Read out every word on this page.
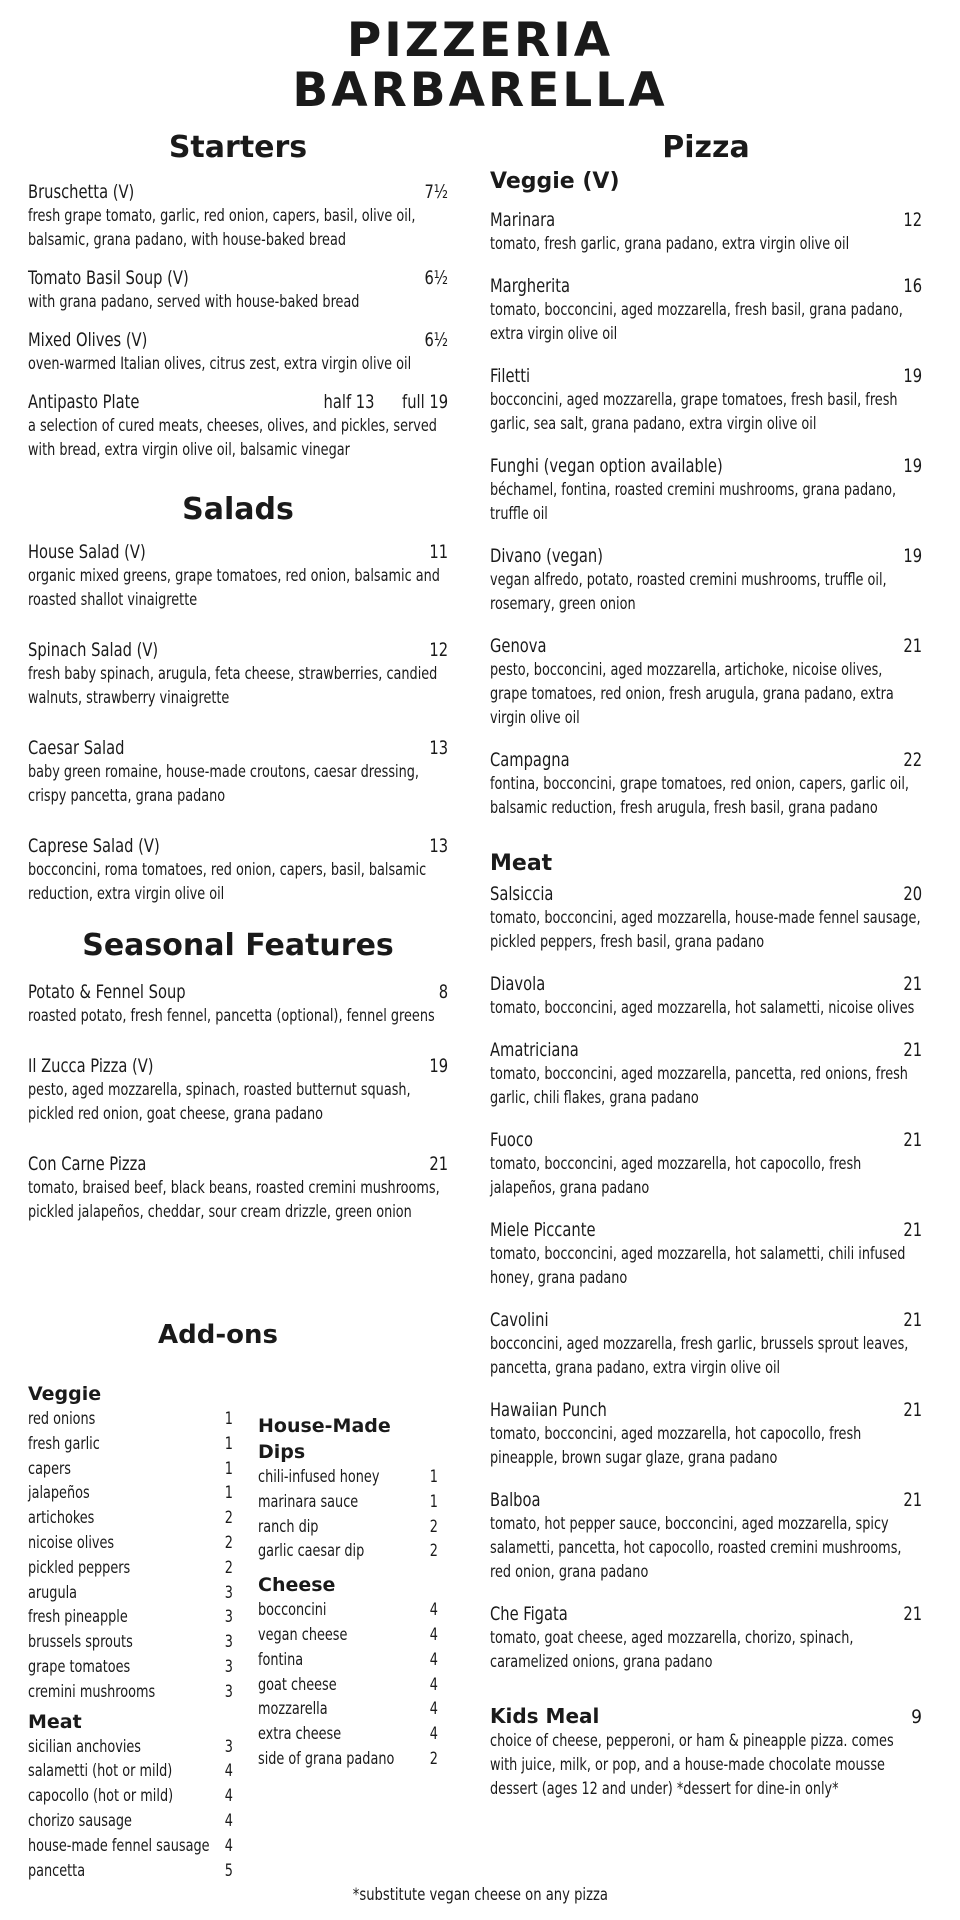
PIZZERIA
BARBARELLA
Starters
Bruschetta (V)	7½
fresh grape tomato, garlic, red onion, capers, basil, olive oil, balsamic, grana padano, with house-baked bread
Tomato Basil Soup (V)	6½
with grana padano, served with house-baked bread
Mixed Olives (V)	6½
oven-warmed Italian olives, citrus zest, extra virgin olive oil
Antipasto Plate	half 13 full 19
a selection of cured meats, cheeses, olives, and pickles, served with bread, extra virgin olive oil, balsamic vinegar
Salads
House Salad (V)	11
organic mixed greens, grape tomatoes, red onion, balsamic and roasted shallot vinaigrette
Spinach Salad (V)	12
fresh baby spinach, arugula, feta cheese, strawberries, candied walnuts, strawberry vinaigrette
Caesar Salad	13
baby green romaine, house-made croutons, caesar dressing, crispy pancetta, grana padano
Caprese Salad (V)	13
bocconcini, roma tomatoes, red onion, capers, basil, balsamic reduction, extra virgin olive oil
Seasonal Features
Potato & Fennel Soup	8
roasted potato, fresh fennel, pancetta (optional), fennel greens
Il Zucca Pizza (V)	19
pesto, aged mozzarella, spinach, roasted butternut squash, pickled red onion, goat cheese, grana padano
Con Carne Pizza	21
tomato, braised beef, black beans, roasted cremini mushrooms, pickled jalapeños, cheddar, sour cream drizzle, green onion
Add-ons
Veggie
red onions	1
fresh garlic	1
capers	1
jalapeños	1
artichokes	2
nicoise olives	2
pickled peppers	2
arugula	3
fresh pineapple	3
brussels sprouts	3
grape tomatoes	3
cremini mushrooms	3
Meat
sicilian anchovies	3
salametti (hot or mild)	4
capocollo (hot or mild)	4
chorizo sausage	4
house-made fennel sausage 4
pancetta	5
House-Made Dips
chili-infused honey	1
marinara sauce	1
ranch dip	2
garlic caesar dip	2
Cheese
bocconcini	4
vegan cheese	4
fontina	4
goat cheese	4
mozzarella	4
extra cheese	4
side of grana padano 2
Pizza
Veggie (V)
Marinara	12
tomato, fresh garlic, grana padano, extra virgin olive oil
Margherita	16
tomato, bocconcini, aged mozzarella, fresh basil, grana padano, extra virgin olive oil
Filetti	19
bocconcini, aged mozzarella, grape tomatoes, fresh basil, fresh garlic, sea salt, grana padano, extra virgin olive oil
Funghi (vegan option available)	19
béchamel, fontina, roasted cremini mushrooms, grana padano, truffle oil
Divano (vegan)	19
vegan alfredo, potato, roasted cremini mushrooms, truffle oil, rosemary, green onion
Genova	21
pesto, bocconcini, aged mozzarella, artichoke, nicoise olives, grape tomatoes, red onion, fresh arugula, grana padano, extra virgin olive oil
Campagna	22
fontina, bocconcini, grape tomatoes, red onion, capers, garlic oil, balsamic reduction, fresh arugula, fresh basil, grana padano
Meat
Salsiccia	20
tomato, bocconcini, aged mozzarella, house-made fennel sausage, pickled peppers, fresh basil, grana padano
Diavola	21
tomato, bocconcini, aged mozzarella, hot salametti, nicoise olives
Amatriciana	21
tomato, bocconcini, aged mozzarella, pancetta, red onions, fresh garlic, chili flakes, grana padano
Fuoco	21
tomato, bocconcini, aged mozzarella, hot capocollo, fresh jalapeños, grana padano
Miele Piccante	21
tomato, bocconcini, aged mozzarella, hot salametti, chili infused honey, grana padano
Cavolini	21
bocconcini, aged mozzarella, fresh garlic, brussels sprout leaves, pancetta, grana padano, extra virgin olive oil
Hawaiian Punch	21
tomato, bocconcini, aged mozzarella, hot capocollo, fresh pineapple, brown sugar glaze, grana padano
Balboa	21
tomato, hot pepper sauce, bocconcini, aged mozzarella, spicy salametti, pancetta, hot capocollo, roasted cremini mushrooms, red onion, grana padano
Che Figata	21
tomato, goat cheese, aged mozzarella, chorizo, spinach, caramelized onions, grana padano
Kids Meal	9
choice of cheese, pepperoni, or ham & pineapple pizza. comes with juice, milk, or pop, and a house-made chocolate mousse dessert (ages 12 and under) *dessert for dine-in only*
*substitute vegan cheese on any pizza
